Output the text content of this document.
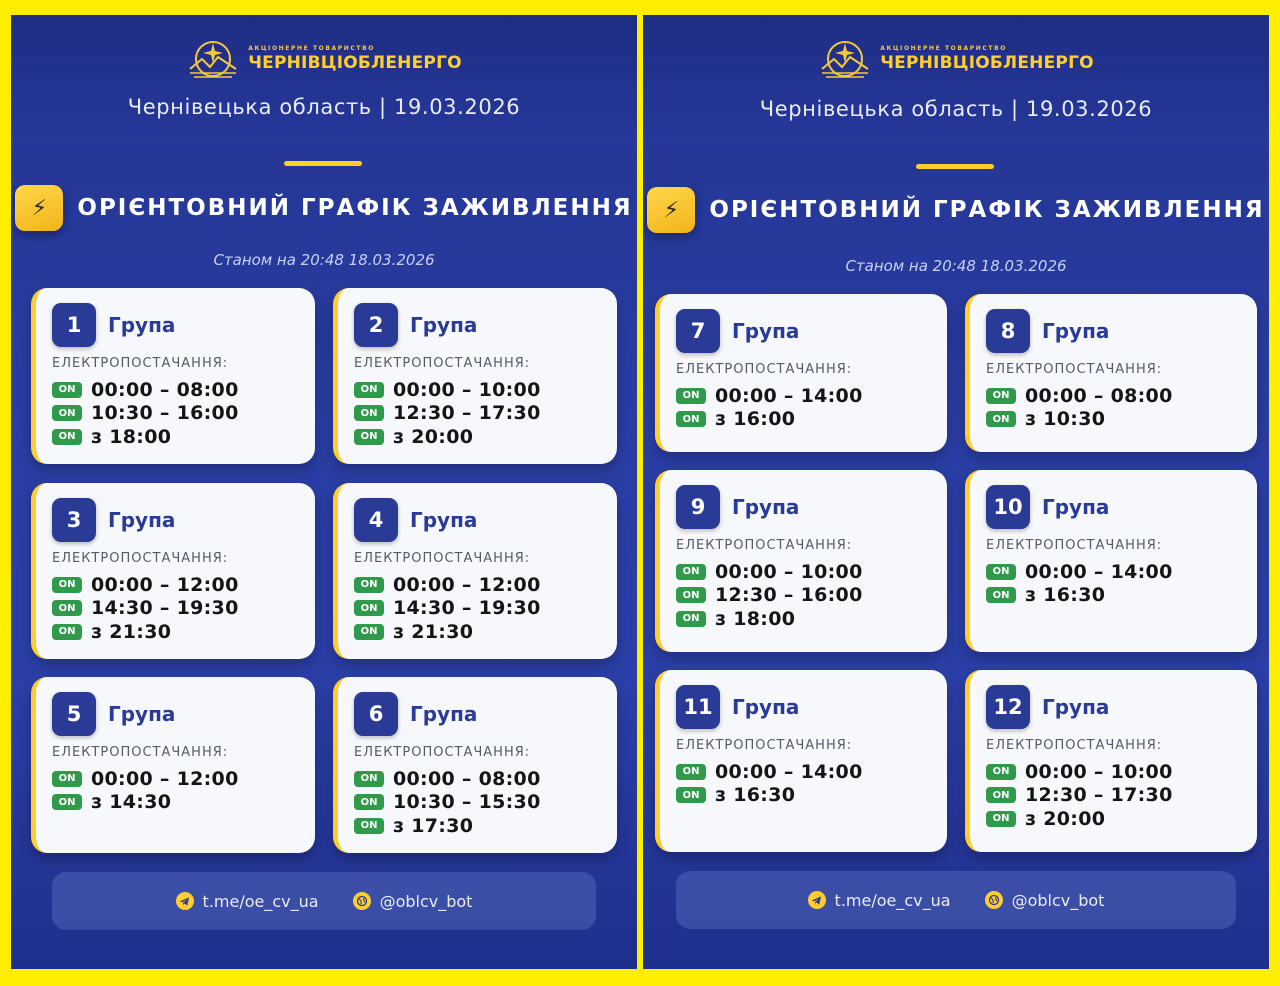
АКЦІОНЕРНЕ ТОВАРИСТВО
ЧЕРНІВЦІОБЛЕНЕРГО
Чернівецька область | 19.03.2026
⚡	ОРІЄНТОВНИЙ ГРАФІК ЗАЖИВЛЕННЯ
Станом на 20:48 18.03.2026
1	Група
ЕЛЕКТРОПОСТАЧАННЯ:
ON 00:00 – 08:00
ON 10:30 – 16:00
ON з 18:00
2	Група
ЕЛЕКТРОПОСТАЧАННЯ:
ON 00:00 – 10:00
ON 12:30 – 17:30
ON з 20:00
3	Група
ЕЛЕКТРОПОСТАЧАННЯ:
ON 00:00 – 12:00
ON 14:30 – 19:30
ON з 21:30
4	Група
ЕЛЕКТРОПОСТАЧАННЯ:
ON 00:00 – 12:00
ON 14:30 – 19:30
ON з 21:30
5	Група
ЕЛЕКТРОПОСТАЧАННЯ:
ON 00:00 – 12:00
ON з 14:30
6	Група
ЕЛЕКТРОПОСТАЧАННЯ:
ON 00:00 – 08:00
ON 10:30 – 15:30
ON з 17:30
t.me/oe_cv_ua	@oblcv_bot
АКЦІОНЕРНЕ ТОВАРИСТВО
ЧЕРНІВЦІОБЛЕНЕРГО
Чернівецька область | 19.03.2026
⚡	ОРІЄНТОВНИЙ ГРАФІК ЗАЖИВЛЕННЯ
Станом на 20:48 18.03.2026
7	Група
ЕЛЕКТРОПОСТАЧАННЯ:
ON 00:00 – 14:00
ON з 16:00
8	Група
ЕЛЕКТРОПОСТАЧАННЯ:
ON 00:00 – 08:00
ON з 10:30
9	Група
ЕЛЕКТРОПОСТАЧАННЯ:
ON 00:00 – 10:00
ON 12:30 – 16:00
ON з 18:00
10 Група
ЕЛЕКТРОПОСТАЧАННЯ:
ON 00:00 – 14:00
ON з 16:30
11 Група
ЕЛЕКТРОПОСТАЧАННЯ:
ON 00:00 – 14:00
ON з 16:30
12 Група
ЕЛЕКТРОПОСТАЧАННЯ:
ON 00:00 – 10:00
ON 12:30 – 17:30
ON з 20:00
t.me/oe_cv_ua	@oblcv_bot
